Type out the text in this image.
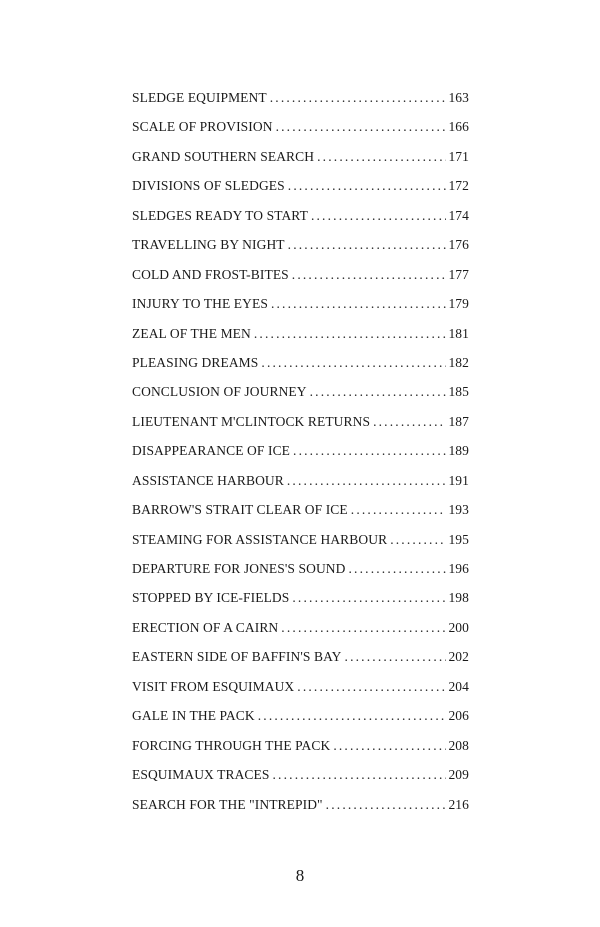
SLEDGE EQUIPMENT . . .	163
SCALE OF PROVISION . . .	166
GRAND SOUTHERN SEARCH . . .	171
DIVISIONS OF SLEDGES . . .	172
SLEDGES READY TO START . . .	174
TRAVELLING BY NIGHT . . .	176
COLD AND FROST-BITES . . .	177
INJURY TO THE EYES . . .	179
ZEAL OF THE MEN . . .	181
PLEASING DREAMS . . .	182
CONCLUSION OF JOURNEY . . .	185
LIEUTENANT M'CLINTOCK RETURNS . . .	187
DISAPPEARANCE OF ICE . . .	189
ASSISTANCE HARBOUR . . .	191
BARROW'S STRAIT CLEAR OF ICE . . .	193
STEAMING FOR ASSISTANCE HARBOUR . . .	195
DEPARTURE FOR JONES'S SOUND . . .	196
STOPPED BY ICE-FIELDS . . .	198
ERECTION OF A CAIRN . . .	200
EASTERN SIDE OF BAFFIN'S BAY . . .	202
VISIT FROM ESQUIMAUX . . .	204
GALE IN THE PACK . . .	206
FORCING THROUGH THE PACK . . .	208
ESQUIMAUX TRACES . . .	209
SEARCH FOR THE "INTREPID" . . .	216
8
